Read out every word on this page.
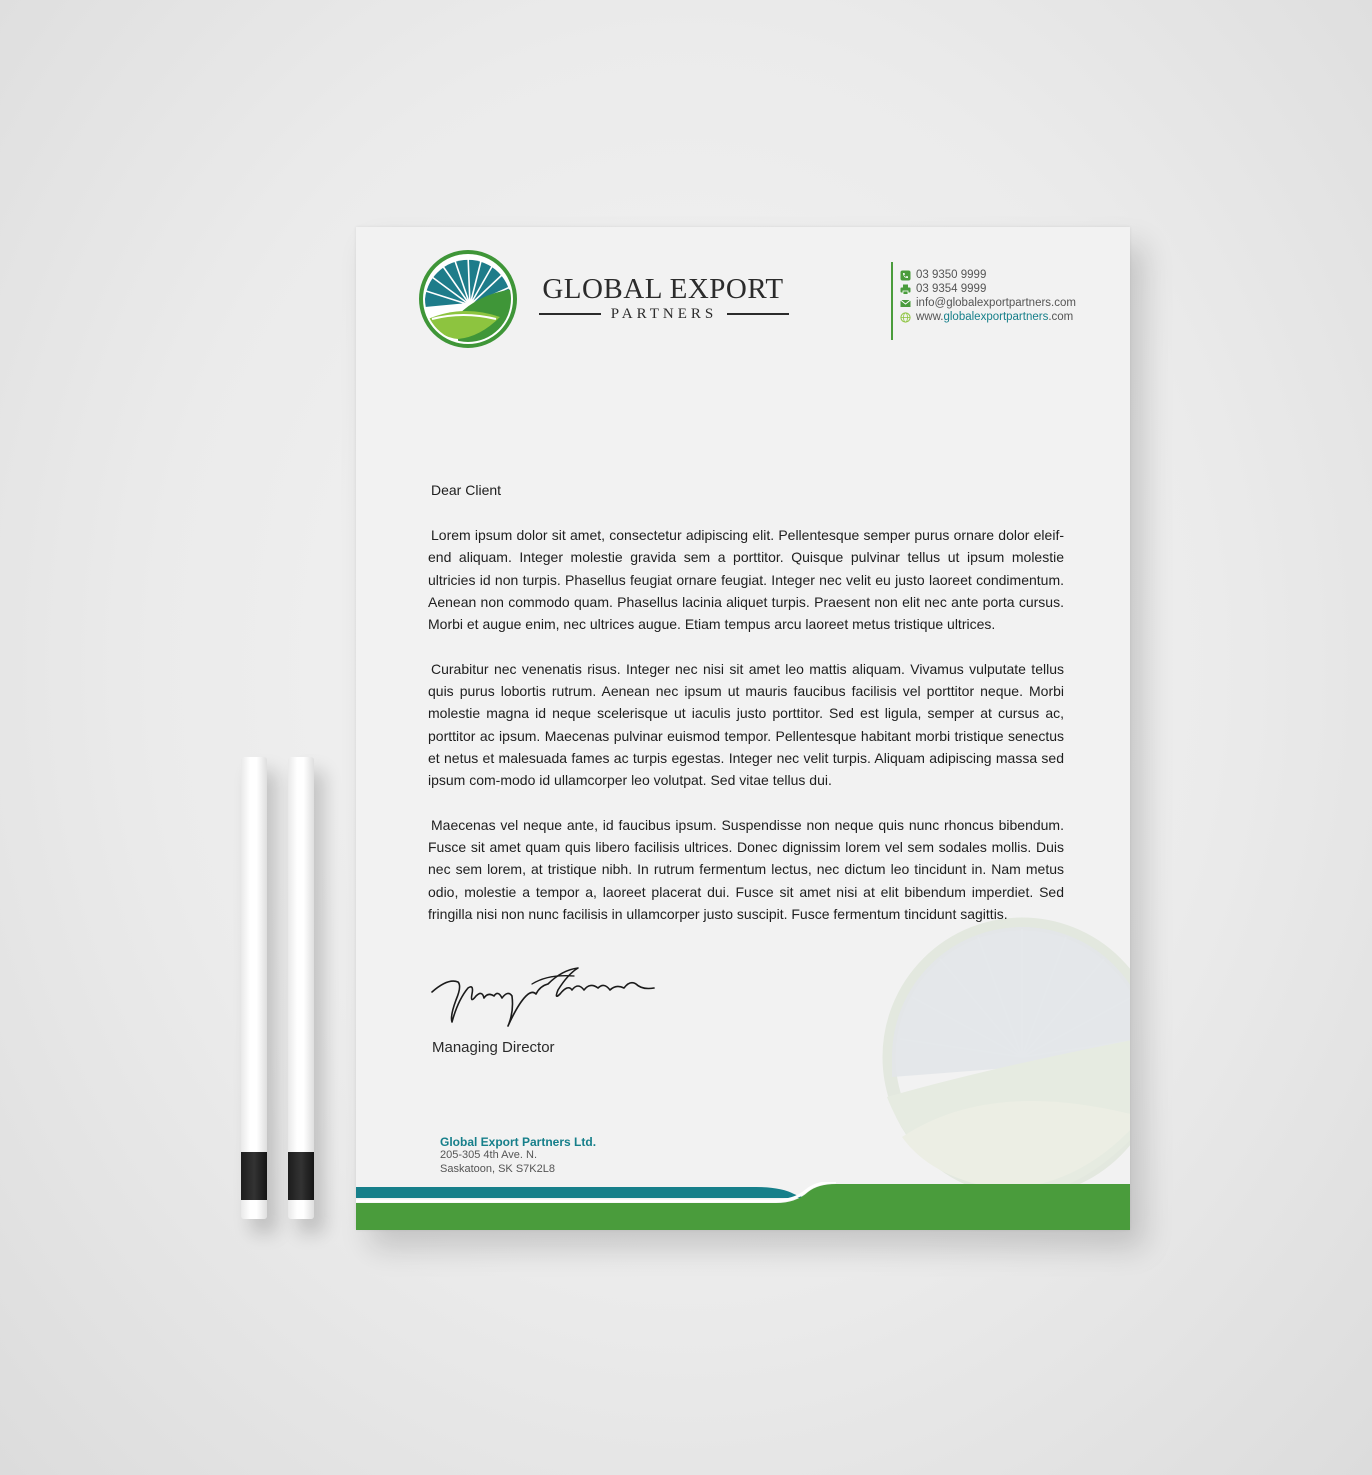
GLOBAL EXPORT
PARTNERS
03 9350 9999
03 9354 9999
info@globalexportpartners.com
www.globalexportpartners.com
Dear Client

Lorem ipsum dolor sit amet, consectetur adipiscing elit. Pellentesque semper purus ornare dolor eleif-end aliquam. Integer molestie gravida sem a porttitor. Quisque pulvinar tellus ut ipsum molestie ultricies id non turpis. Phasellus feugiat ornare feugiat. Integer nec velit eu justo laoreet condimentum. Aenean non commodo quam. Phasellus lacinia aliquet turpis. Praesent non elit nec ante porta cursus. Morbi et augue enim, nec ultrices augue. Etiam tempus arcu laoreet metus tristique ultrices.

Curabitur nec venenatis risus. Integer nec nisi sit amet leo mattis aliquam. Vivamus vulputate tellus quis purus lobortis rutrum. Aenean nec ipsum ut mauris faucibus facilisis vel porttitor neque. Morbi molestie magna id neque scelerisque ut iaculis justo porttitor. Sed est ligula, semper at cursus ac, porttitor ac ipsum. Maecenas pulvinar euismod tempor. Pellentesque habitant morbi tristique senectus et netus et malesuada fames ac turpis egestas. Integer nec velit turpis. Aliquam adipiscing massa sed ipsum com-modo id ullamcorper leo volutpat. Sed vitae tellus dui.

Maecenas vel neque ante, id faucibus ipsum. Suspendisse non neque quis nunc rhoncus bibendum. Fusce sit amet quam quis libero facilisis ultrices. Donec dignissim lorem vel sem sodales mollis. Duis nec sem lorem, at tristique nibh. In rutrum fermentum lectus, nec dictum leo tincidunt in. Nam metus odio, molestie a tempor a, laoreet placerat dui. Fusce sit amet nisi at elit bibendum imperdiet. Sed fringilla nisi non nunc facilisis in ullamcorper justo suscipit. Fusce fermentum tincidunt sagittis.

Managing Director
Global Export Partners Ltd.
205-305 4th Ave. N.
Saskatoon, SK S7K2L8
